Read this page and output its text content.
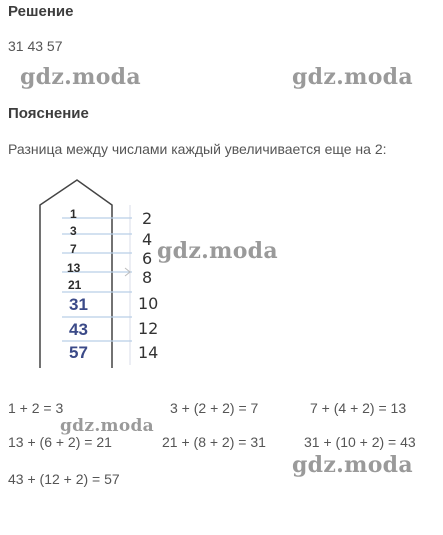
Решение
31 43 57
gdz.moda	gdz.moda
Пояснение
Разница между числами каждый увеличивается еще на 2:
1
3
7
13
21
31
43
57
2
4
6
8
10
12
14
gdz.moda
1 + 2 = 3	3 + (2 + 2) = 7	7 + (4 + 2) = 13
gdz.moda
13 + (6 + 2) = 21	21 + (8 + 2) = 31	31 + (10 + 2) = 43
gdz.moda
43 + (12 + 2) = 57
